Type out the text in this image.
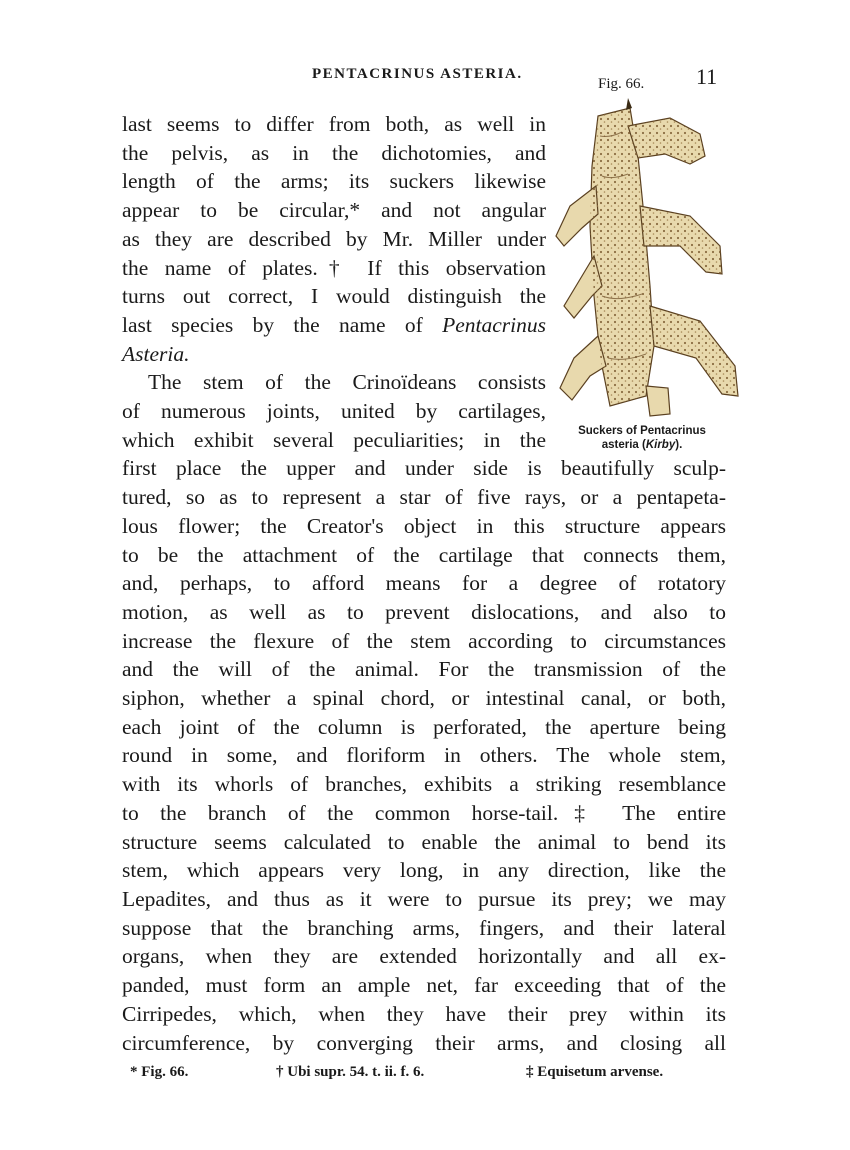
PENTACRINUS ASTERIA.
Fig. 66. 11
Suckers of Pentacrinus
asteria (Kirby).

last seems to differ from both, as well in
the pelvis, as in the dichotomies, and
length of the arms; its suckers likewise
appear to be circular,* and not angular
as they are described by Mr. Miller under
the name of plates.† If this observation
turns out correct, I would distinguish the
last species by the name of Pentacrinus
Asteria.

The stem of the Crinoïdeans consists
of numerous joints, united by cartilages,
which exhibit several peculiarities; in the
first place the upper and under side is beautifully sculp-
tured, so as to represent a star of five rays, or a pentapeta-
lous flower; the Creator's object in this structure appears
to be the attachment of the cartilage that connects them,
and, perhaps, to afford means for a degree of rotatory
motion, as well as to prevent dislocations, and also to
increase the flexure of the stem according to circumstances
and the will of the animal. For the transmission of the
siphon, whether a spinal chord, or intestinal canal, or both,
each joint of the column is perforated, the aperture being
round in some, and floriform in others. The whole stem,
with its whorls of branches, exhibits a striking resemblance
to the branch of the common horse-tail.‡ The entire
structure seems calculated to enable the animal to bend its
stem, which appears very long, in any direction, like the
Lepadites, and thus as it were to pursue its prey; we may
suppose that the branching arms, fingers, and their lateral
organs, when they are extended horizontally and all ex-
panded, must form an ample net, far exceeding that of the
Cirripedes, which, when they have their prey within its
circumference, by converging their arms, and closing all

* Fig. 66.	† Ubi supr. 54. t. ii. f. 6.	‡ Equisetum arvense.
